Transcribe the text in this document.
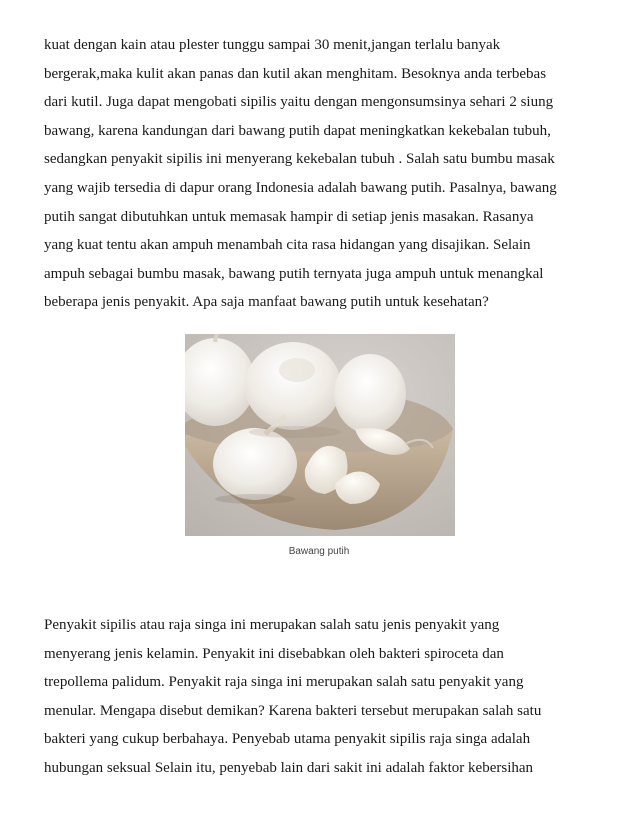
kuat dengan kain atau plester tunggu sampai 30 menit,jangan terlalu banyak
bergerak,maka kulit akan panas dan kutil akan menghitam. Besoknya anda terbebas
dari kutil. Juga dapat mengobati sipilis yaitu dengan mengonsumsinya sehari 2 siung
bawang, karena kandungan dari bawang putih dapat meningkatkan kekebalan tubuh,
sedangkan penyakit sipilis ini menyerang kekebalan tubuh . Salah satu bumbu masak
yang wajib tersedia di dapur orang Indonesia adalah bawang putih. Pasalnya, bawang
putih sangat dibutuhkan untuk memasak hampir di setiap jenis masakan. Rasanya
yang kuat tentu akan ampuh menambah cita rasa hidangan yang disajikan. Selain
ampuh sebagai bumbu masak, bawang putih ternyata juga ampuh untuk menangkal
beberapa jenis penyakit. Apa saja manfaat bawang putih untuk kesehatan?

Bawang putih

Penyakit sipilis atau raja singa ini merupakan salah satu jenis penyakit yang
menyerang jenis kelamin. Penyakit ini disebabkan oleh bakteri spiroceta dan
trepollema palidum. Penyakit raja singa ini merupakan salah satu penyakit yang
menular. Mengapa disebut demikan? Karena bakteri tersebut merupakan salah satu
bakteri yang cukup berbahaya. Penyebab utama penyakit sipilis raja singa adalah
hubungan seksual Selain itu, penyebab lain dari sakit ini adalah faktor kebersihan
